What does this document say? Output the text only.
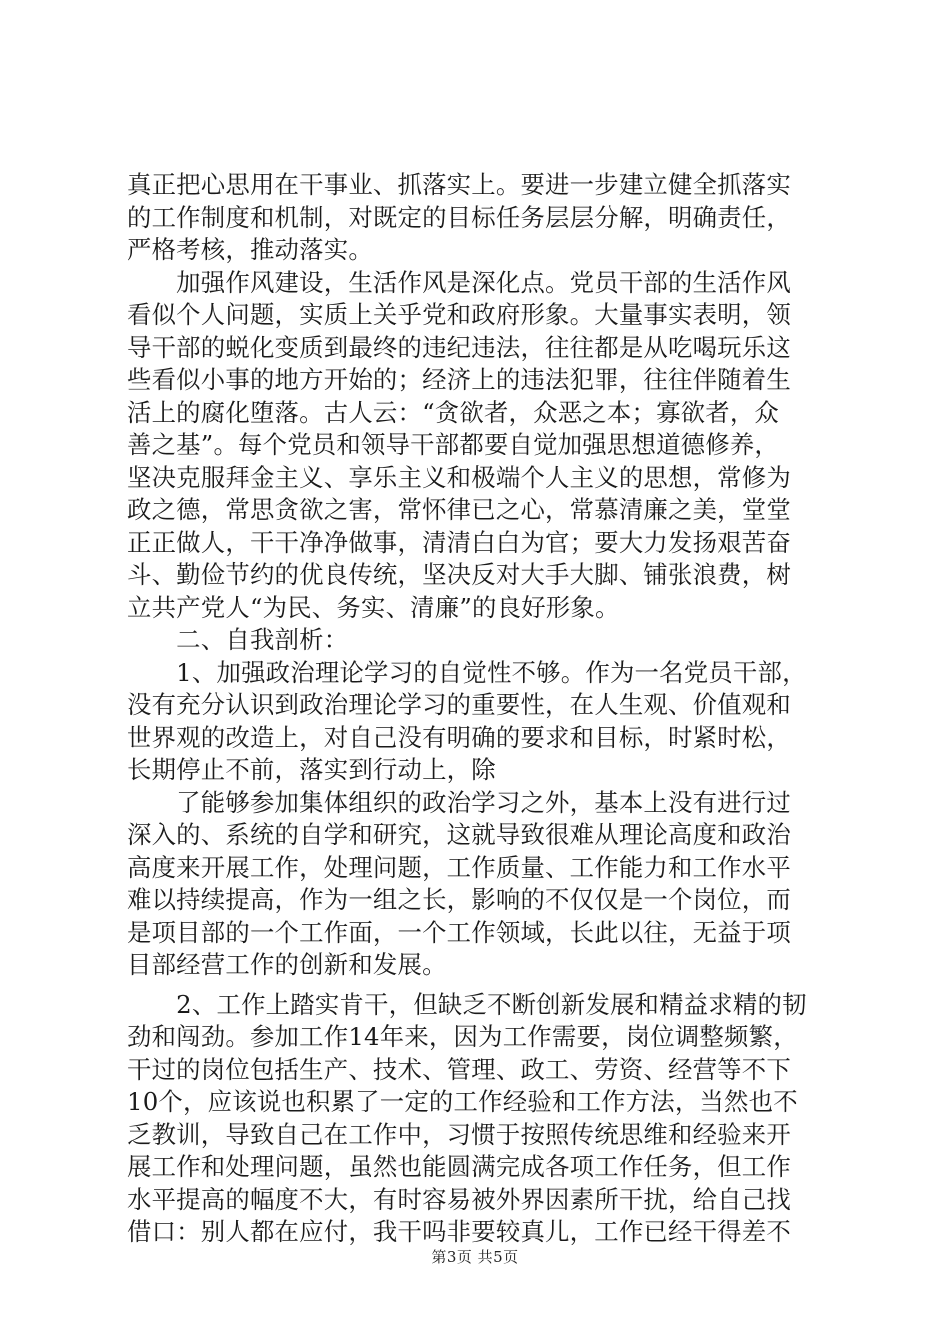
真正把心思用在干事业、抓落实上。要进一步建立健全抓落实
的工作制度和机制，对既定的目标任务层层分解，明确责任，
严格考核，推动落实。
　　加强作风建设，生活作风是深化点。党员干部的生活作风
看似个人问题，实质上关乎党和政府形象。大量事实表明，领
导干部的蜕化变质到最终的违纪违法，往往都是从吃喝玩乐这
些看似小事的地方开始的；经济上的违法犯罪，往往伴随着生
活上的腐化堕落。古人云：“贪欲者，众恶之本；寡欲者，众
善之基”。每个党员和领导干部都要自觉加强思想道德修养，
坚决克服拜金主义、享乐主义和极端个人主义的思想，常修为
政之德，常思贪欲之害，常怀律已之心，常慕清廉之美，堂堂
正正做人，干干净净做事，清清白白为官；要大力发扬艰苦奋
斗、勤俭节约的优良传统，坚决反对大手大脚、铺张浪费，树
立共产党人“为民、务实、清廉”的良好形象。
　　二、自我剖析：
　　1、加强政治理论学习的自觉性不够。作为一名党员干部，
没有充分认识到政治理论学习的重要性，在人生观、价值观和
世界观的改造上，对自己没有明确的要求和目标，时紧时松，
长期停止不前，落实到行动上，除
　　了能够参加集体组织的政治学习之外，基本上没有进行过
深入的、系统的自学和研究，这就导致很难从理论高度和政治
高度来开展工作，处理问题，工作质量、工作能力和工作水平
难以持续提高，作为一组之长，影响的不仅仅是一个岗位，而
是项目部的一个工作面，一个工作领域，长此以往，无益于项
目部经营工作的创新和发展。
　　2、工作上踏实肯干，但缺乏不断创新发展和精益求精的韧
劲和闯劲。参加工作14年来，因为工作需要，岗位调整频繁，
干过的岗位包括生产、技术、管理、政工、劳资、经营等不下
10个，应该说也积累了一定的工作经验和工作方法，当然也不
乏教训，导致自己在工作中，习惯于按照传统思维和经验来开
展工作和处理问题，虽然也能圆满完成各项工作任务，但工作
水平提高的幅度不大，有时容易被外界因素所干扰，给自己找
借口：别人都在应付，我干吗非要较真儿，工作已经干得差不
第3页 共5页
